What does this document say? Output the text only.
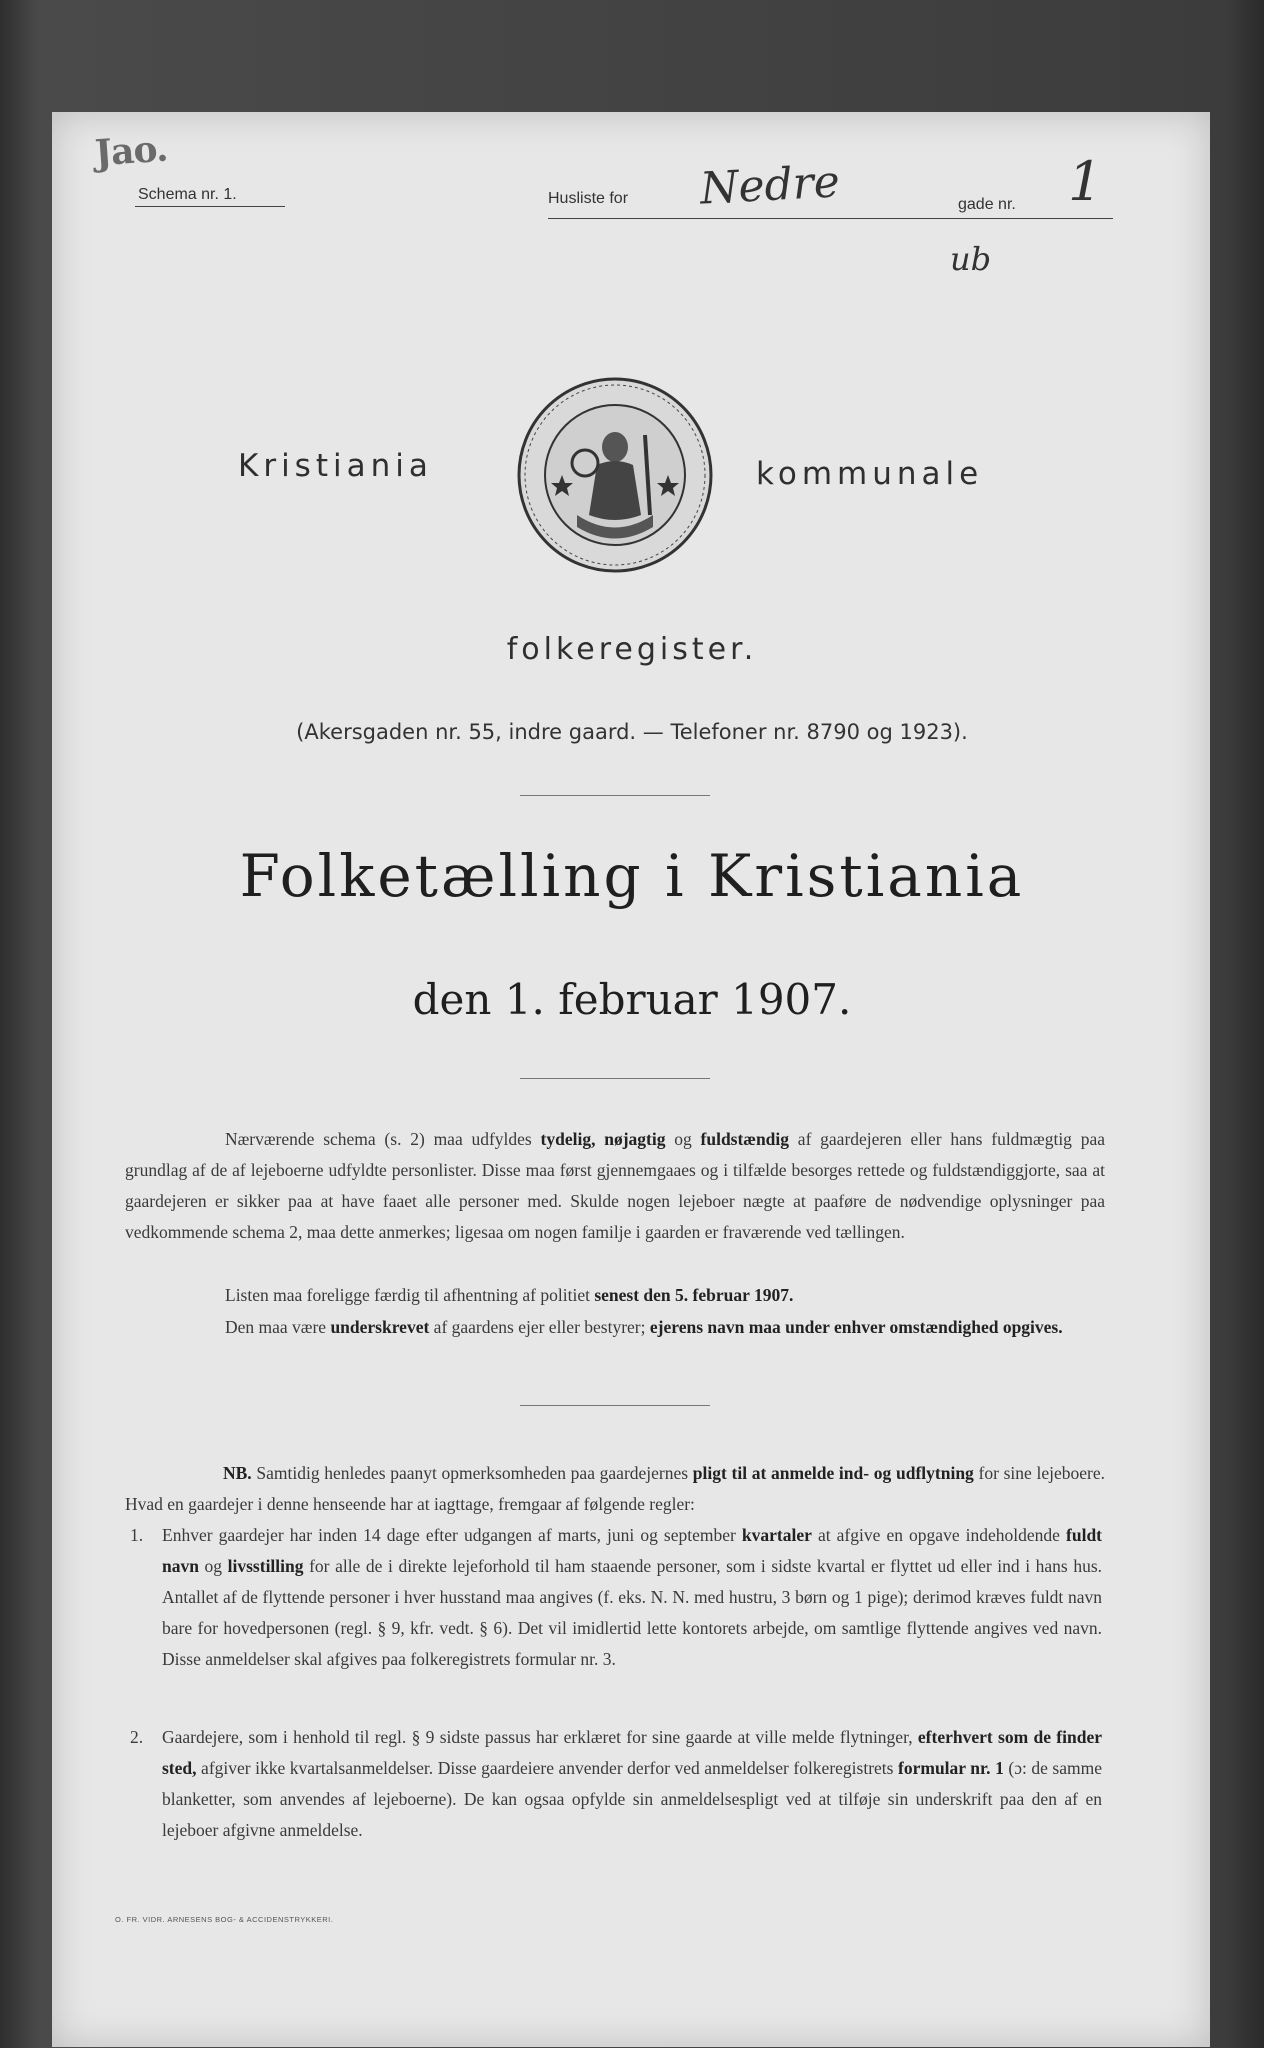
Jao.
Schema nr. 1.	Husliste for Nedre	gade nr. 1
ub
Kristiania	kommunale
folkeregister.
(Akersgaden nr. 55, indre gaard. — Telefoner nr. 8790 og 1923).
Folketælling i Kristiania
den 1. februar 1907.
Nærværende schema (s. 2) maa udfyldes tydelig, nøjagtig og fuldstændig af gaardejeren eller hans fuldmægtig paa grundlag af de af lejeboerne udfyldte personlister. Disse maa først gjennemgaaes og i tilfælde besorges rettede og fuldstændiggjorte, saa at gaardejeren er sikker paa at have faaet alle personer med. Skulde nogen lejeboer nægte at paaføre de nødvendige oplysninger paa vedkommende schema 2, maa dette anmerkes; ligesaa om nogen familje i gaarden er fraværende ved tællingen.
Listen maa foreligge færdig til afhentning af politiet senest den 5. februar 1907.
Den maa være underskrevet af gaardens ejer eller bestyrer; ejerens navn maa under enhver omstændighed opgives.
NB. Samtidig henledes paanyt opmerksomheden paa gaardejernes pligt til at anmelde ind- og udflytning for sine lejeboere. Hvad en gaardejer i denne henseende har at iagttage, fremgaar af følgende regler:
1. Enhver gaardejer har inden 14 dage efter udgangen af marts, juni og september kvartaler at afgive en opgave indeholdende fuldt navn og livsstilling for alle de i direkte lejeforhold til ham staaende personer, som i sidste kvartal er flyttet ud eller ind i hans hus. Antallet af de flyttende personer i hver husstand maa angives (f. eks. N. N. med hustru, 3 børn og 1 pige); derimod kræves fuldt navn bare for hovedpersonen (regl. § 9, kfr. vedt. § 6). Det vil imidlertid lette kontorets arbejde, om samtlige flyttende angives ved navn. Disse anmeldelser skal afgives paa folkeregistrets formular nr. 3.
2. Gaardejere, som i henhold til regl. § 9 sidste passus har erklæret for sine gaarde at ville melde flytninger, efterhvert som de finder sted, afgiver ikke kvartalsanmeldelser. Disse gaardeiere anvender derfor ved anmeldelser folkeregistrets formular nr. 1 (ɔ: de samme blanketter, som anvendes af lejeboerne). De kan ogsaa opfylde sin anmeldelsespligt ved at tilføje sin underskrift paa den af en lejeboer afgivne anmeldelse.
O. FR. VIDR. ARNESENS BOG- & ACCIDENSTRYKKERI.
